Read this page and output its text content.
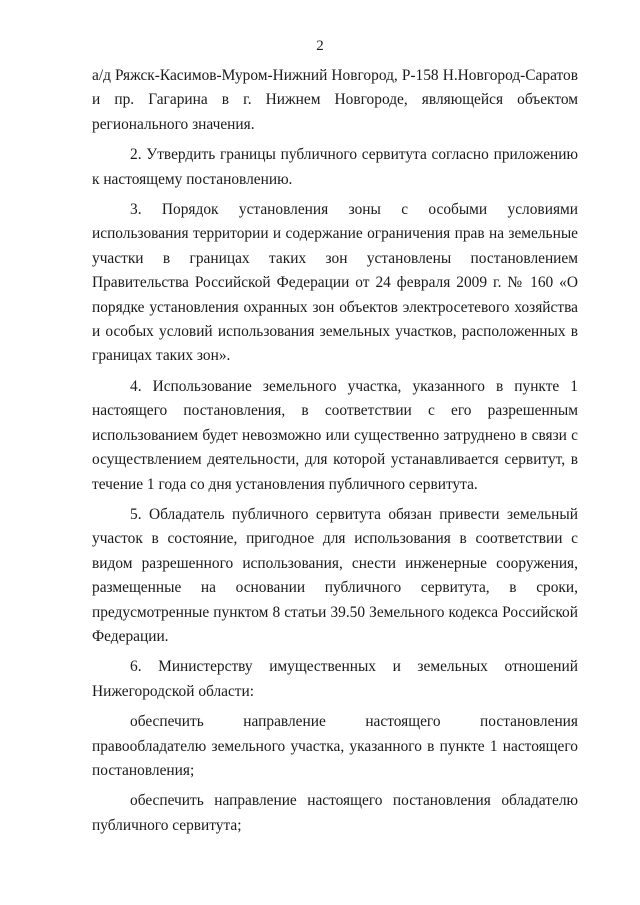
2

а/д Ряжск-Касимов-Муром-Нижний Новгород, Р-158 Н.Новгород-Саратов и пр. Гагарина в г. Нижнем Новгороде, являющейся объектом регионального значения.

2. Утвердить границы публичного сервитута согласно приложению к настоящему постановлению.

3. Порядок установления зоны с особыми условиями использования территории и содержание ограничения прав на земельные участки в границах таких зон установлены постановлением Правительства Российской Федерации от 24 февраля 2009 г. № 160 «О порядке установления охранных зон объектов электросетевого хозяйства и особых условий использования земельных участков, расположенных в границах таких зон».

4. Использование земельного участка, указанного в пункте 1 настоящего постановления, в соответствии с его разрешенным использованием будет невозможно или существенно затруднено в связи с осуществлением деятельности, для которой устанавливается сервитут, в течение 1 года со дня установления публичного сервитута.

5. Обладатель публичного сервитута обязан привести земельный участок в состояние, пригодное для использования в соответствии с видом разрешенного использования, снести инженерные сооружения, размещенные на основании публичного сервитута, в сроки, предусмотренные пунктом 8 статьи 39.50 Земельного кодекса Российской Федерации.

6. Министерству имущественных и земельных отношений Нижегородской области:

обеспечить направление настоящего постановления правообладателю земельного участка, указанного в пункте 1 настоящего постановления;

обеспечить направление настоящего постановления обладателю публичного сервитута;
